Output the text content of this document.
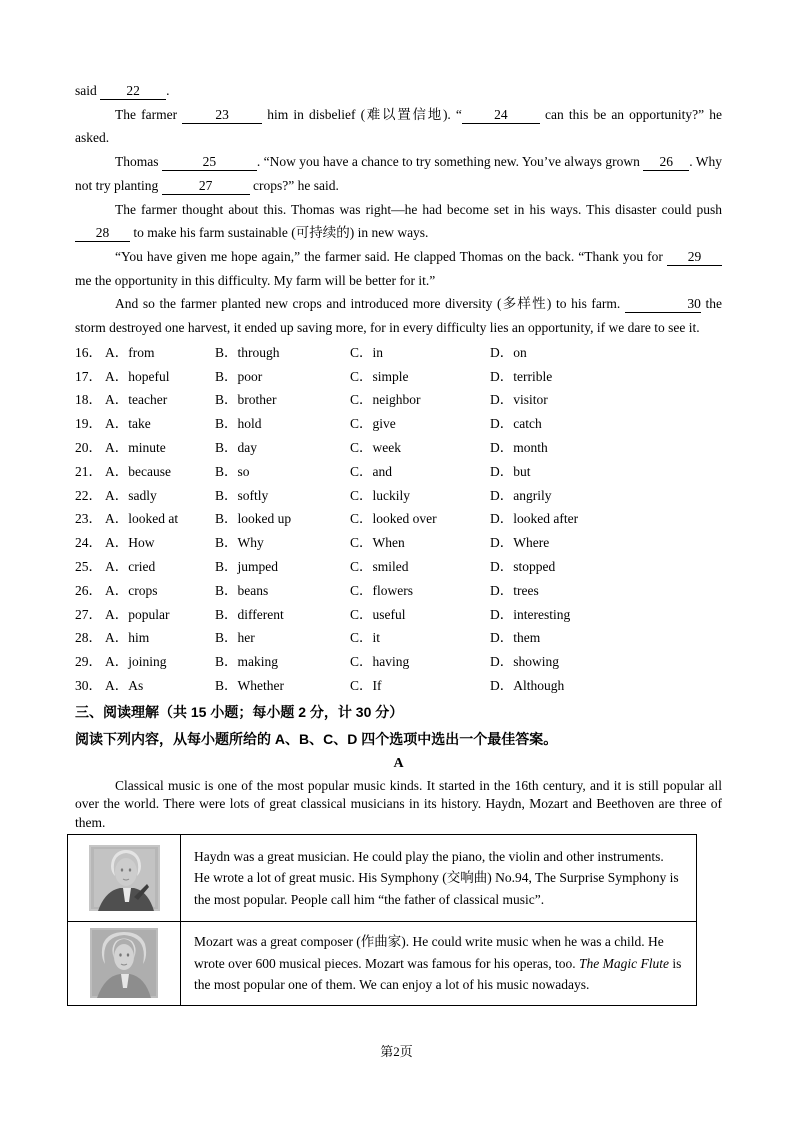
said 22 .

The farmer 23 him in disbelief (难以置信地). “ 24 can this be an opportunity?” he asked.

Thomas	25	. “Now you have a chance to try something new. You’ve always grown 26 . Why not try planting	27	crops?” he said.

The farmer thought about this. Thomas was right—he had become set in his ways. This disaster could push 28 to make his farm sustainable (可持续的) in new ways.

“You have given me hope again,” the farmer said. He clapped Thomas on the back. “Thank you for 29 me the opportunity in this difficulty. My farm will be better for it.”

And so the farmer planted new crops and introduced more diversity (多样性) to his farm.	30 the storm destroyed one harvest, it ended up saving more, for in every difficulty lies an opportunity, if we dare to see it.

16． A．from	B．through	C．in	D．on
17． A．hopeful	B．poor	C．simple	D．terrible
18． A．teacher	B．brother	C．neighbor	D．visitor
19． A．take	B．hold	C．give	D．catch
20． A．minute	B．day	C．week	D．month
21． A．because	B．so	C．and	D．but
22． A．sadly	B．softly	C．luckily	D．angrily
23． A．looked at	B．looked up	C．looked over	D．looked after
24． A．How	B．Why	C．When	D．Where
25． A．cried	B．jumped	C．smiled	D．stopped
26． A．crops	B．beans	C．flowers	D．trees
27． A．popular	B．different	C．useful	D．interesting
28． A．him	B．her	C．it	D．them
29． A．joining	B．making	C．having	D．showing
30． A．As	B．Whether	C．If	D．Although
三、阅读理解（共 15 小题；每小题 2 分，计 30 分）
阅读下列内容，从每小题所给的 A、B、C、D 四个选项中选出一个最佳答案。
A

Classical music is one of the most popular music kinds. It started in the 16th century, and it is still popular all over the world. There were lots of great classical musicians in its history. Haydn, Mozart and Beethoven are three of them.

	Haydn was a great musician. He could play the piano, the violin and other instruments. He wrote a lot of great music. His Symphony (交响曲) No.94, The Surprise Symphony is the most popular. People call him “the father of classical music”.
	Mozart was a great composer (作曲家). He could write music when he was a child. He wrote over 600 musical pieces. Mozart was famous for his operas, too. The Magic Flute is the most popular one of them. We can enjoy a lot of his music nowadays.
第2页
